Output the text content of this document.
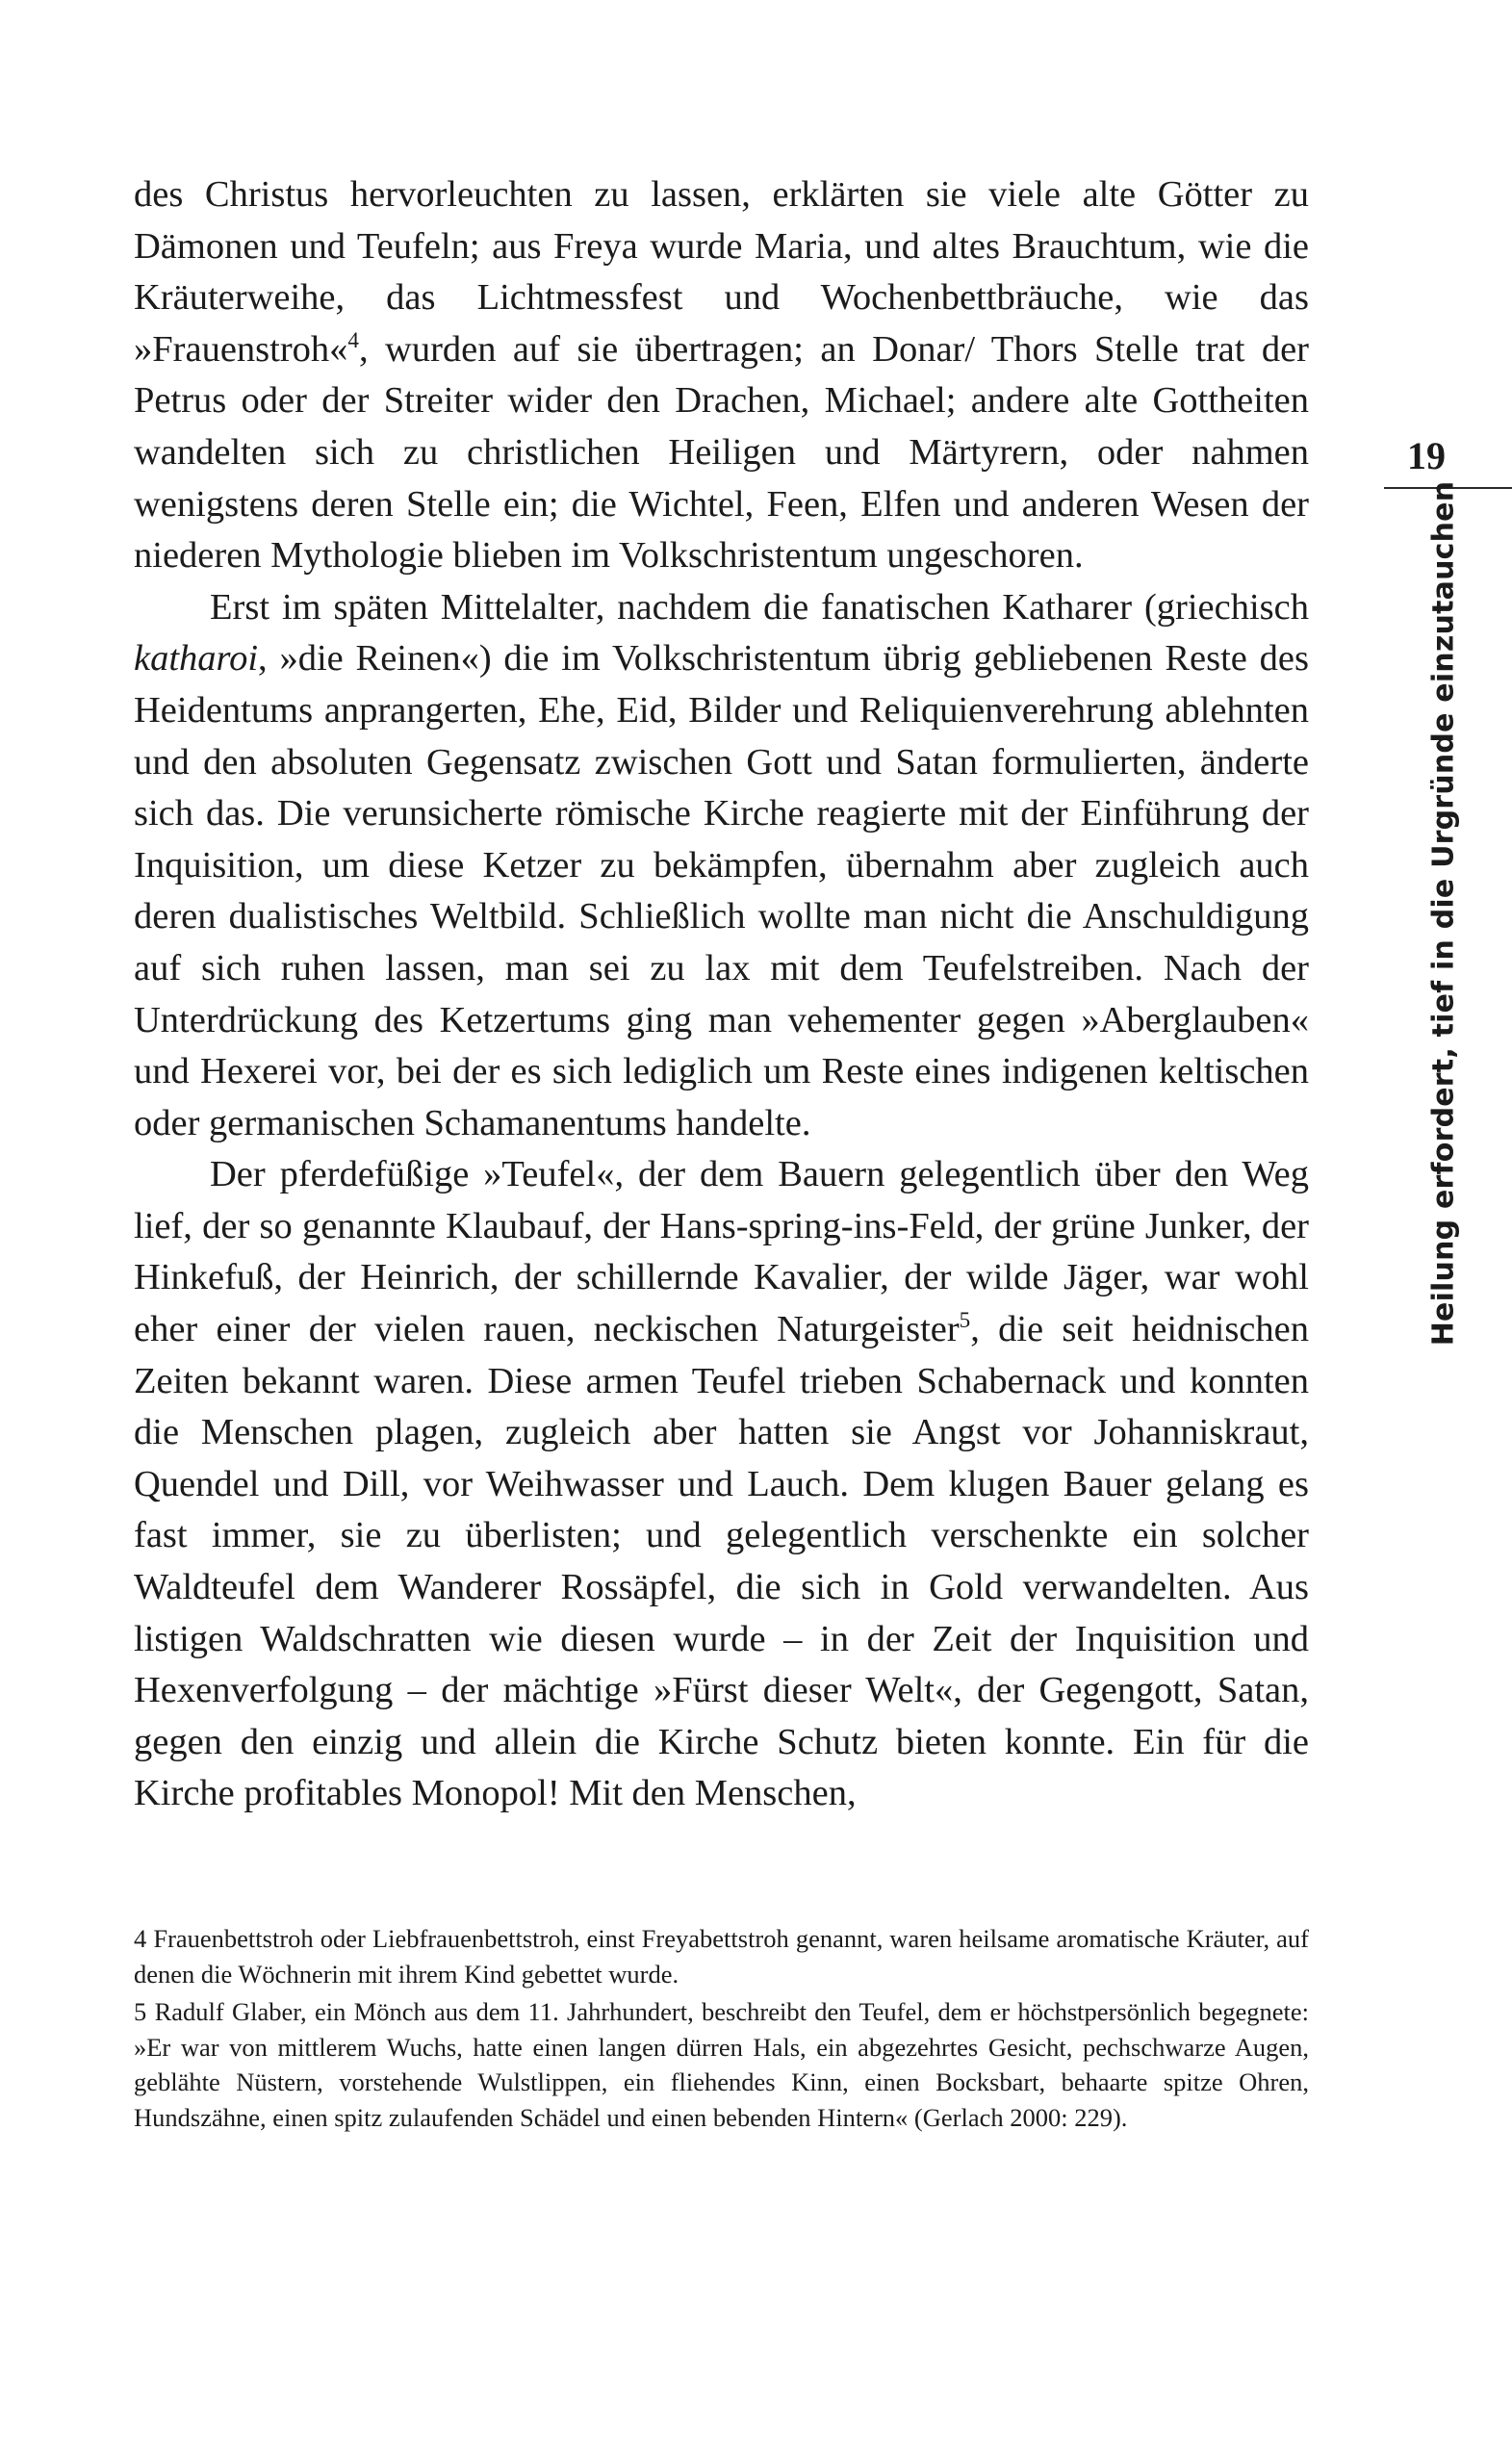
des Christus hervorleuchten zu lassen, erklärten sie viele alte Götter zu Dämonen und Teufeln; aus Freya wurde Maria, und altes Brauchtum, wie die Kräuterweihe, das Lichtmessfest und Wochenbettbräuche, wie das »Frauenstroh«$^4$, wurden auf sie übertragen; an Donar/ Thors Stelle trat der Petrus oder der Streiter wider den Drachen, Michael; andere alte Gottheiten wandelten sich zu christlichen Heiligen und Märtyrern, oder nahmen wenigstens deren Stelle ein; die Wichtel, Feen, Elfen und anderen Wesen der niederen Mythologie blieben im Volkschristentum ungeschoren.

Erst im späten Mittelalter, nachdem die fanatischen Katharer (griechisch katharoi, »die Reinen«) die im Volkschristentum übrig gebliebenen Reste des Heidentums anprangerten, Ehe, Eid, Bilder und Reliquienverehrung ablehnten und den absoluten Gegensatz zwischen Gott und Satan formulierten, änderte sich das. Die verunsicherte römische Kirche reagierte mit der Einführung der Inquisition, um diese Ketzer zu bekämpfen, übernahm aber zugleich auch deren dualistisches Weltbild. Schließlich wollte man nicht die Anschuldigung auf sich ruhen lassen, man sei zu lax mit dem Teufelstreiben. Nach der Unterdrückung des Ketzertums ging man vehementer gegen »Aberglauben« und Hexerei vor, bei der es sich lediglich um Reste eines indigenen keltischen oder germanischen Schamanentums handelte.

Der pferdefüßige »Teufel«, der dem Bauern gelegentlich über den Weg lief, der so genannte Klaubauf, der Hans-spring-ins-Feld, der grüne Junker, der Hinkefuß, der Heinrich, der schillernde Kavalier, der wilde Jäger, war wohl eher einer der vielen rauen, neckischen Naturgeister$^5$, die seit heidnischen Zeiten bekannt waren. Diese armen Teufel trieben Schabernack und konnten die Menschen plagen, zugleich aber hatten sie Angst vor Johanniskraut, Quendel und Dill, vor Weihwasser und Lauch. Dem klugen Bauer gelang es fast immer, sie zu überlisten; und gelegentlich verschenkte ein solcher Waldteufel dem Wanderer Rossäpfel, die sich in Gold verwandelten. Aus listigen Waldschratten wie diesen wurde – in der Zeit der Inquisition und Hexenverfolgung – der mächtige »Fürst dieser Welt«, der Gegengott, Satan, gegen den einzig und allein die Kirche Schutz bieten konnte. Ein für die Kirche profitables Monopol! Mit den Menschen,

4 Frauenbettstroh oder Liebfrauenbettstroh, einst Freyabettstroh genannt, waren heilsame aromatische Kräuter, auf denen die Wöchnerin mit ihrem Kind gebettet wurde.

5 Radulf Glaber, ein Mönch aus dem 11. Jahrhundert, beschreibt den Teufel, dem er höchstpersönlich begegnete: »Er war von mittlerem Wuchs, hatte einen langen dürren Hals, ein abgezehrtes Gesicht, pechschwarze Augen, geblähte Nüstern, vorstehende Wulstlippen, ein fliehendes Kinn, einen Bocksbart, behaarte spitze Ohren, Hundszähne, einen spitz zulaufenden Schädel und einen bebenden Hintern« (Gerlach 2000: 229).

19
Heilung erfordert, tief in die Urgründe einzutauchen
